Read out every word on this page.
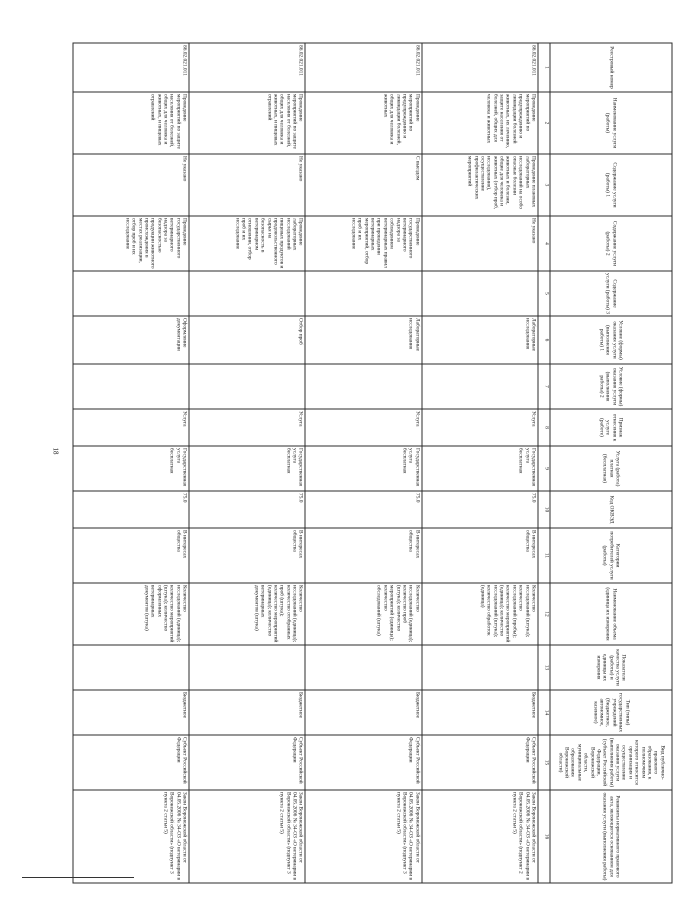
18
Реестровый номер	Наименование услуги (работы)	Содержание услуги (работы) 1	Содержание услуги (работы) 2	Содержание услуги (работы) 3	Условие (формы) оказания услуги (выполнения работы) 1	Условие (формы) оказания услуги (выполнения работы) 2	Признак отнесения к услуге (работе)	Услуга (работа) платная (бесплатная)	Код ОКВЭД	Категории потребителей услуги (работы)	Наименование объема (единица их измерения	Показатели качества услуги (работы) и единицы их измерения	Тип (типы) государственных учреждений (бюджетное, автономное, казенное)	Вид публично-правового образования, к полномочиям которого относится организация и осуществление оказания услуги (выполнения работы) (субъект Российской Федерации, Воронежской области, муниципальные образования Воронежской области)	Реквизиты нормативного правового акта, являющегося основанием для оказания услуги (выполнения работы)
1	2	3	4	5	6	7	8	9	10	11	12	13	14	15	16
86.02.021.011	Проведение мероприятий по предупреждению и ликвидации болезней животных, их лечению, защите населения от болезней, общих для человека и животных	Проведение плановых лабораторных исследований на особо опасные болезни животных и болезни, общие для человека и животных (отбор проб, исследования), осуществление профилактических мероприятий	Не указано		Лабораторные исследования		Услуга	Государственная услуга бесплатная	75.0	В интересах общества	Количество исследований (штука); количество исследований (пробы); количество мероприятий (единица); количество исследований (штука); количество обработок (единица)		Бюджетное	Субъект Российской Федерации	Закон Воронежской области от 04.05.2006 № 34-ОЗ «О ветеринарии в Воронежской области» (подпункт 2 пункта 2 статьи 5)
86.02.021.011	Проведение мероприятий по предупреждению и ликвидации болезней, общих для человека и животных	С выездом	Проведение государственного ветеринарного надзора за соблюдением ветеринарных правил при проведении ветеринарных мероприятий, отбор проб и их исследование		Лабораторные исследования		Услуга	Государственная услуга бесплатная	75.0	В интересах общества	Количество исследований (единица); количество проб (штука); количество мероприятий (единица); количество обследований (штука)		Бюджетное	Субъект Российской Федерации	Закон Воронежской области от 04.05.2006 № 34-ОЗ «О ветеринарии в Воронежской области» (подпункт 3 пункта 2 статьи 5)
86.02.021.011	Проведение мероприятий по защите населения от болезней, общих для человека и животных, и пищевых отравлений	Не указано	Проведение лабораторных исследований пищевых продуктов и продовольственного сырья на безопасность в ветеринарном отношении, отбор проб и их исследование		Отбор проб		Услуга	Государственная услуга бесплатная	75.0	В интересах общества	Количество исследований (единица); количество отобранных проб (штука); количество мероприятий (единица); количество ветеринарных документов (штука)		Бюджетное	Субъект Российской Федерации	Закон Воронежской области от 04.05.2006 № 34-ОЗ «О ветеринарии в Воронежской области» (подпункт 3 пункта 2 статьи 5)
86.02.021.011	Проведение мероприятий по защите населения от болезней, общих для человека и животных, и пищевых отравлений	Не указано	Проведение государственного ветеринарного надзора за безопасностью продукции животного происхождения в местах реализации, отбор проб и их исследование		Оформление документации		Услуга	Государственная услуга бесплатная	75.0	В интересах общества	Количество исследований (единица); количество мероприятий (штука); количество оформленных ветеринарных документов (штука)		Бюджетное	Субъект Российской Федерации	Закон Воронежской области от 04.05.2006 № 34-ОЗ «О ветеринарии в Воронежской области» (подпункт 3 пункта 2 статьи 5)
